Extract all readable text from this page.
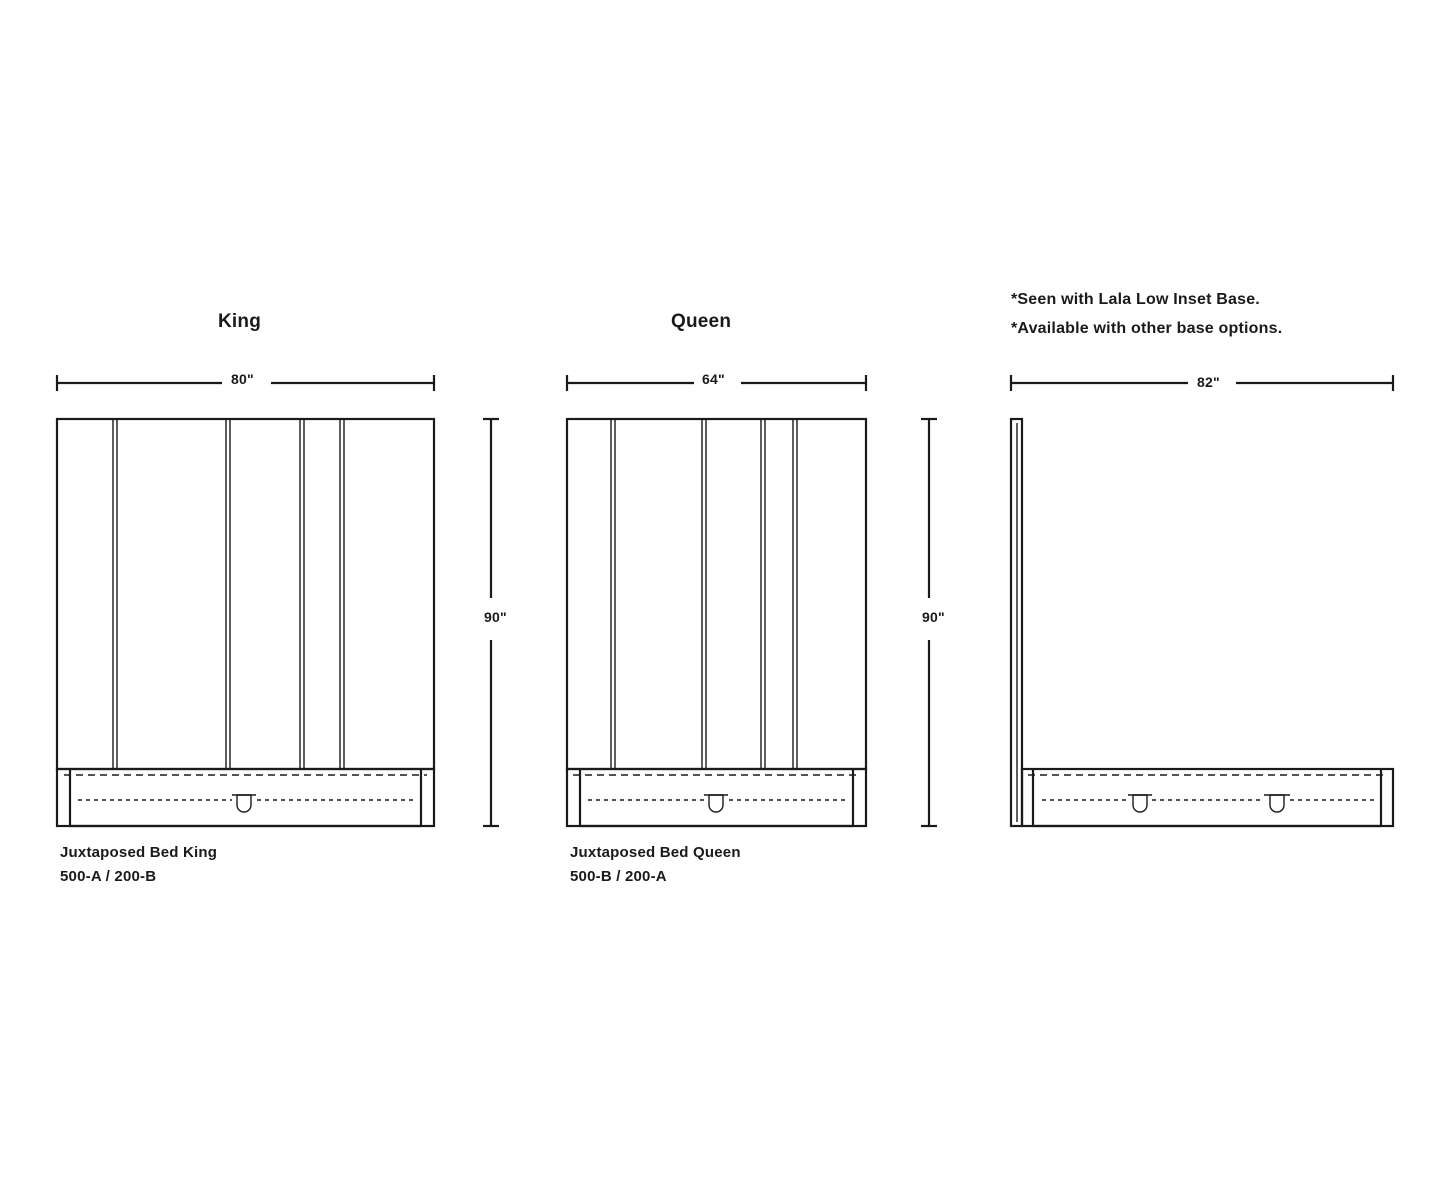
King	Queen
80"	64"	82"
90"	90"
Juxtaposed Bed King
500-A / 200-B
Juxtaposed Bed Queen
500-B / 200-A
*Seen with Lala Low Inset Base.
*Available with other base options.
